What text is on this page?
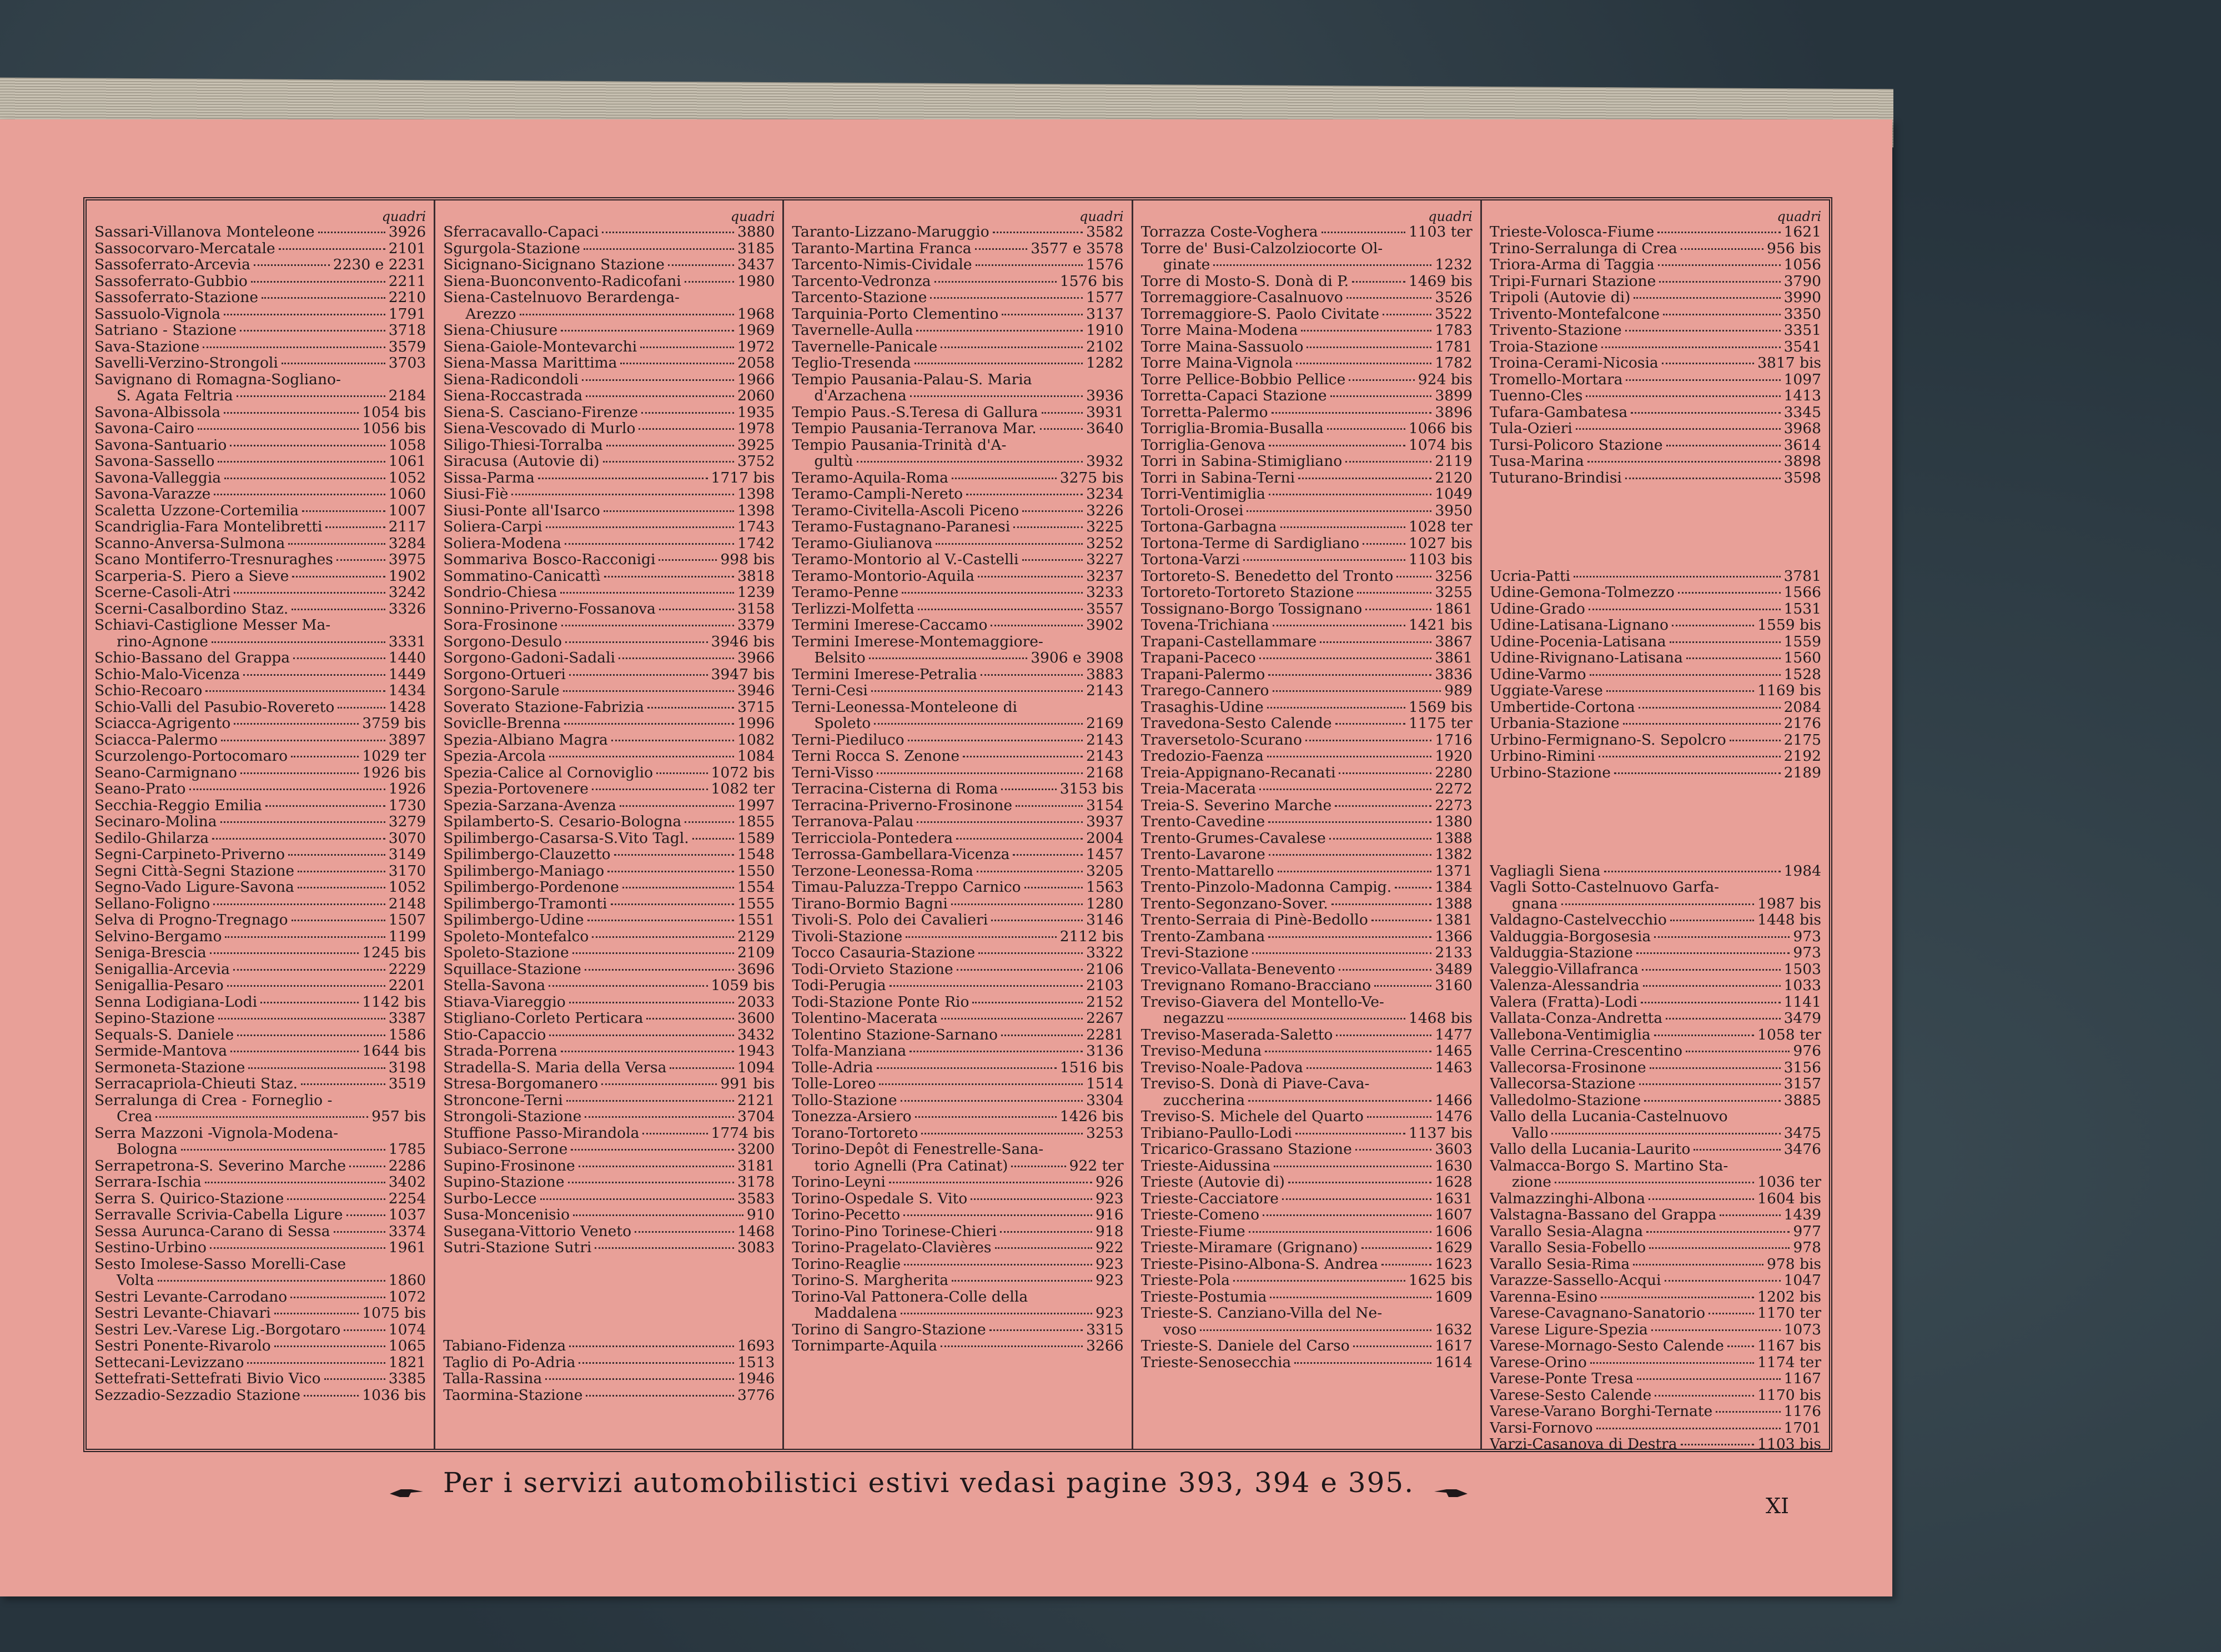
quadri
Sassari-Villanova Monteleone	3926
Sassocorvaro-Mercatale	2101
Sassoferrato-Arcevia	2230 e 2231
Sassoferrato-Gubbio	2211
Sassoferrato-Stazione	2210
Sassuolo-Vignola	1791
Satriano - Stazione	3718
Sava-Stazione	3579
Savelli-Verzino-Strongoli	3703
Savignano di Romagna-Sogliano-
S. Agata Feltria	2184
Savona-Albissola	1054 bis
Savona-Cairo	1056 bis
Savona-Santuario	1058
Savona-Sassello	1061
Savona-Valleggia	1052
Savona-Varazze	1060
Scaletta Uzzone-Cortemilia	1007
Scandriglia-Fara Montelibretti	2117
Scanno-Anversa-Sulmona	3284
Scano Montiferro-Tresnuraghes	3975
Scarperia-S. Piero a Sieve	1902
Scerne-Casoli-Atri	3242
Scerni-Casalbordino Staz.	3326
Schiavi-Castiglione Messer Ma-
rino-Agnone	3331
Schio-Bassano del Grappa	1440
Schio-Malo-Vicenza	1449
Schio-Recoaro	1434
Schio-Valli del Pasubio-Rovereto	1428
Sciacca-Agrigento	3759 bis
Sciacca-Palermo	3897
Scurzolengo-Portocomaro	1029 ter
Seano-Carmignano	1926 bis
Seano-Prato	1926
Secchia-Reggio Emilia	1730
Secinaro-Molina	3279
Sedilo-Ghilarza	3070
Segni-Carpineto-Priverno	3149
Segni Città-Segni Stazione	3170
Segno-Vado Ligure-Savona	1052
Sellano-Foligno	2148
Selva di Progno-Tregnago	1507
Selvino-Bergamo	1199
Seniga-Brescia	1245 bis
Senigallia-Arcevia	2229
Senigallia-Pesaro	2201
Senna Lodigiana-Lodi	1142 bis
Sepino-Stazione	3387
Sequals-S. Daniele	1586
Sermide-Mantova	1644 bis
Sermoneta-Stazione	3198
Serracapriola-Chieuti Staz.	3519
Serralunga di Crea - Forneglio -
Crea	957 bis
Serra Mazzoni -Vignola-Modena-
Bologna	1785
Serrapetrona-S. Severino Marche	2286
Serrara-Ischia	3402
Serra S. Quirico-Stazione	2254
Serravalle Scrivia-Cabella Ligure	1037
Sessa Aurunca-Carano di Sessa	3374
Sestino-Urbino	1961
Sesto Imolese-Sasso Morelli-Case
Volta	1860
Sestri Levante-Carrodano	1072
Sestri Levante-Chiavari	1075 bis
Sestri Lev.-Varese Lig.-Borgotaro	1074
Sestri Ponente-Rivarolo	1065
Settecani-Levizzano	1821
Settefrati-Settefrati Bivio Vico	3385
Sezzadio-Sezzadio Stazione	1036 bis
quadri
Sferracavallo-Capaci	3880
Sgurgola-Stazione	3185
Sicignano-Sicignano Stazione	3437
Siena-Buonconvento-Radicofani	1980
Siena-Castelnuovo Berardenga-
Arezzo	1968
Siena-Chiusure	1969
Siena-Gaiole-Montevarchi	1972
Siena-Massa Marittima	2058
Siena-Radicondoli	1966
Siena-Roccastrada	2060
Siena-S. Casciano-Firenze	1935
Siena-Vescovado di Murlo	1978
Siligo-Thiesi-Torralba	3925
Siracusa (Autovie di)	3752
Sissa-Parma	1717 bis
Siusi-Fiè	1398
Siusi-Ponte all'Isarco	1398
Soliera-Carpi	1743
Soliera-Modena	1742
Sommariva Bosco-Racconigi	998 bis
Sommatino-Canicattì	3818
Sondrio-Chiesa	1239
Sonnino-Priverno-Fossanova	3158
Sora-Frosinone	3379
Sorgono-Desulo	3946 bis
Sorgono-Gadoni-Sadali	3966
Sorgono-Ortueri	3947 bis
Sorgono-Sarule	3946
Soverato Stazione-Fabrizia	3715
Soviclle-Brenna	1996
Spezia-Albiano Magra	1082
Spezia-Arcola	1084
Spezia-Calice al Cornoviglio	1072 bis
Spezia-Portovenere	1082 ter
Spezia-Sarzana-Avenza	1997
Spilamberto-S. Cesario-Bologna	1855
Spilimbergo-Casarsa-S.Vito Tagl.	1589
Spilimbergo-Clauzetto	1548
Spilimbergo-Maniago	1550
Spilimbergo-Pordenone	1554
Spilimbergo-Tramonti	1555
Spilimbergo-Udine	1551
Spoleto-Montefalco	2129
Spoleto-Stazione	2109
Squillace-Stazione	3696
Stella-Savona	1059 bis
Stiava-Viareggio	2033
Stigliano-Corleto Perticara	3600
Stio-Capaccio	3432
Strada-Porrena	1943
Stradella-S. Maria della Versa	1094
Stresa-Borgomanero	991 bis
Stroncone-Terni	2121
Strongoli-Stazione	3704
Stuffione Passo-Mirandola	1774 bis
Subiaco-Serrone	3200
Supino-Frosinone	3181
Supino-Stazione	3178
Surbo-Lecce	3583
Susa-Moncenisio	910
Susegana-Vittorio Veneto	1468
Sutri-Stazione Sutri	3083
Tabiano-Fidenza	1693
Taglio di Po-Adria	1513
Talla-Rassina	1946
Taormina-Stazione	3776
quadri
Taranto-Lizzano-Maruggio	3582
Taranto-Martina Franca	3577 e 3578
Tarcento-Nimis-Cividale	1576
Tarcento-Vedronza	1576 bis
Tarcento-Stazione	1577
Tarquinia-Porto Clementino	3137
Tavernelle-Aulla	1910
Tavernelle-Panicale	2102
Teglio-Tresenda	1282
Tempio Pausania-Palau-S. Maria
d'Arzachena	3936
Tempio Paus.-S.Teresa di Gallura	3931
Tempio Pausania-Terranova Mar.	3640
Tempio Pausania-Trinità d'A-
gultù	3932
Teramo-Aquila-Roma	3275 bis
Teramo-Campli-Nereto	3234
Teramo-Civitella-Ascoli Piceno	3226
Teramo-Fustagnano-Paranesi	3225
Teramo-Giulianova	3252
Teramo-Montorio al V.-Castelli	3227
Teramo-Montorio-Aquila	3237
Teramo-Penne	3233
Terlizzi-Molfetta	3557
Termini Imerese-Caccamo	3902
Termini Imerese-Montemaggiore-
Belsito	3906 e 3908
Termini Imerese-Petralia	3883
Terni-Cesi	2143
Terni-Leonessa-Monteleone di
Spoleto	2169
Terni-Piediluco	2143
Terni Rocca S. Zenone	2143
Terni-Visso	2168
Terracina-Cisterna di Roma	3153 bis
Terracina-Priverno-Frosinone	3154
Terranova-Palau	3937
Terricciola-Pontedera	2004
Terrossa-Gambellara-Vicenza	1457
Terzone-Leonessa-Roma	3205
Timau-Paluzza-Treppo Carnico	1563
Tirano-Bormio Bagni	1280
Tivoli-S. Polo dei Cavalieri	3146
Tivoli-Stazione	2112 bis
Tocco Casauria-Stazione	3322
Todi-Orvieto Stazione	2106
Todi-Perugia	2103
Todi-Stazione Ponte Rio	2152
Tolentino-Macerata	2267
Tolentino Stazione-Sarnano	2281
Tolfa-Manziana	3136
Tolle-Adria	1516 bis
Tolle-Loreo	1514
Tollo-Stazione	3304
Tonezza-Arsiero	1426 bis
Torano-Tortoreto	3253
Torino-Depôt di Fenestrelle-Sana-
torio Agnelli (Pra Catinat)	922 ter
Torino-Leyni	926
Torino-Ospedale S. Vito	923
Torino-Pecetto	916
Torino-Pino Torinese-Chieri	918
Torino-Pragelato-Clavières	922
Torino-Reaglie	923
Torino-S. Margherita	923
Torino-Val Pattonera-Colle della
Maddalena	923
Torino di Sangro-Stazione	3315
Tornimparte-Aquila	3266
quadri
Torrazza Coste-Voghera	1103 ter
Torre de' Busi-Calzolziocorte Ol-
ginate	1232
Torre di Mosto-S. Donà di P.	1469 bis
Torremaggiore-Casalnuovo	3526
Torremaggiore-S. Paolo Civitate	3522
Torre Maina-Modena	1783
Torre Maina-Sassuolo	1781
Torre Maina-Vignola	1782
Torre Pellice-Bobbio Pellice	924 bis
Torretta-Capaci Stazione	3899
Torretta-Palermo	3896
Torriglia-Bromia-Busalla	1066 bis
Torriglia-Genova	1074 bis
Torri in Sabina-Stimigliano	2119
Torri in Sabina-Terni	2120
Torri-Ventimiglia	1049
Tortoli-Orosei	3950
Tortona-Garbagna	1028 ter
Tortona-Terme di Sardigliano	1027 bis
Tortona-Varzi	1103 bis
Tortoreto-S. Benedetto del Tronto	3256
Tortoreto-Tortoreto Stazione	3255
Tossignano-Borgo Tossignano	1861
Tovena-Trichiana	1421 bis
Trapani-Castellammare	3867
Trapani-Paceco	3861
Trapani-Palermo	3836
Trarego-Cannero	989
Trasaghis-Udine	1569 bis
Travedona-Sesto Calende	1175 ter
Traversetolo-Scurano	1716
Tredozio-Faenza	1920
Treia-Appignano-Recanati	2280
Treia-Macerata	2272
Treia-S. Severino Marche	2273
Trento-Cavedine	1380
Trento-Grumes-Cavalese	1388
Trento-Lavarone	1382
Trento-Mattarello	1371
Trento-Pinzolo-Madonna Campig.	1384
Trento-Segonzano-Sover.	1388
Trento-Serraia di Pinè-Bedollo	1381
Trento-Zambana	1366
Trevi-Stazione	2133
Trevico-Vallata-Benevento	3489
Trevignano Romano-Bracciano	3160
Treviso-Giavera del Montello-Ve-
negazzu	1468 bis
Treviso-Maserada-Saletto	1477
Treviso-Meduna	1465
Treviso-Noale-Padova	1463
Treviso-S. Donà di Piave-Cava-
zuccherina	1466
Treviso-S. Michele del Quarto	1476
Tribiano-Paullo-Lodi	1137 bis
Tricarico-Grassano Stazione	3603
Trieste-Aidussina	1630
Trieste (Autovie di)	1628
Trieste-Cacciatore	1631
Trieste-Comeno	1607
Trieste-Fiume	1606
Trieste-Miramare (Grignano)	1629
Trieste-Pisino-Albona-S. Andrea	1623
Trieste-Pola	1625 bis
Trieste-Postumia	1609
Trieste-S. Canziano-Villa del Ne-
voso	1632
Trieste-S. Daniele del Carso	1617
Trieste-Senosecchia	1614
quadri
Trieste-Volosca-Fiume	1621
Trino-Serralunga di Crea	956 bis
Triora-Arma di Taggia	1056
Tripi-Furnari Stazione	3790
Tripoli (Autovie di)	3990
Trivento-Montefalcone	3350
Trivento-Stazione	3351
Troia-Stazione	3541
Troina-Cerami-Nicosia	3817 bis
Tromello-Mortara	1097
Tuenno-Cles	1413
Tufara-Gambatesa	3345
Tula-Ozieri	3968
Tursi-Policoro Stazione	3614
Tusa-Marina	3898
Tuturano-Brindisi	3598
Ucria-Patti	3781
Udine-Gemona-Tolmezzo	1566
Udine-Grado	1531
Udine-Latisana-Lignano	1559 bis
Udine-Pocenia-Latisana	1559
Udine-Rivignano-Latisana	1560
Udine-Varmo	1528
Uggiate-Varese	1169 bis
Umbertide-Cortona	2084
Urbania-Stazione	2176
Urbino-Fermignano-S. Sepolcro	2175
Urbino-Rimini	2192
Urbino-Stazione	2189
Vagliagli Siena	1984
Vagli Sotto-Castelnuovo Garfa-
gnana	1987 bis
Valdagno-Castelvecchio	1448 bis
Valduggia-Borgosesia	973
Valduggia-Stazione	973
Valeggio-Villafranca	1503
Valenza-Alessandria	1033
Valera (Fratta)-Lodi	1141
Vallata-Conza-Andretta	3479
Vallebona-Ventimiglia	1058 ter
Valle Cerrina-Crescentino	976
Vallecorsa-Frosinone	3156
Vallecorsa-Stazione	3157
Valledolmo-Stazione	3885
Vallo della Lucania-Castelnuovo
Vallo	3475
Vallo della Lucania-Laurito	3476
Valmacca-Borgo S. Martino Sta-
zione	1036 ter
Valmazzinghi-Albona	1604 bis
Valstagna-Bassano del Grappa	1439
Varallo Sesia-Alagna	977
Varallo Sesia-Fobello	978
Varallo Sesia-Rima	978 bis
Varazze-Sassello-Acqui	1047
Varenna-Esino	1202 bis
Varese-Cavagnano-Sanatorio	1170 ter
Varese Ligure-Spezia	1073
Varese-Mornago-Sesto Calende 1167 bis
Varese-Orino	1174 ter
Varese-Ponte Tresa	1167
Varese-Sesto Calende	1170 bis
Varese-Varano Borghi-Ternate	1176
Varsi-Fornovo	1701
Varzi-Casanova di Destra	1103 bis
Per i servizi automobilistici estivi vedasi pagine 393, 394 e 395.
XI
